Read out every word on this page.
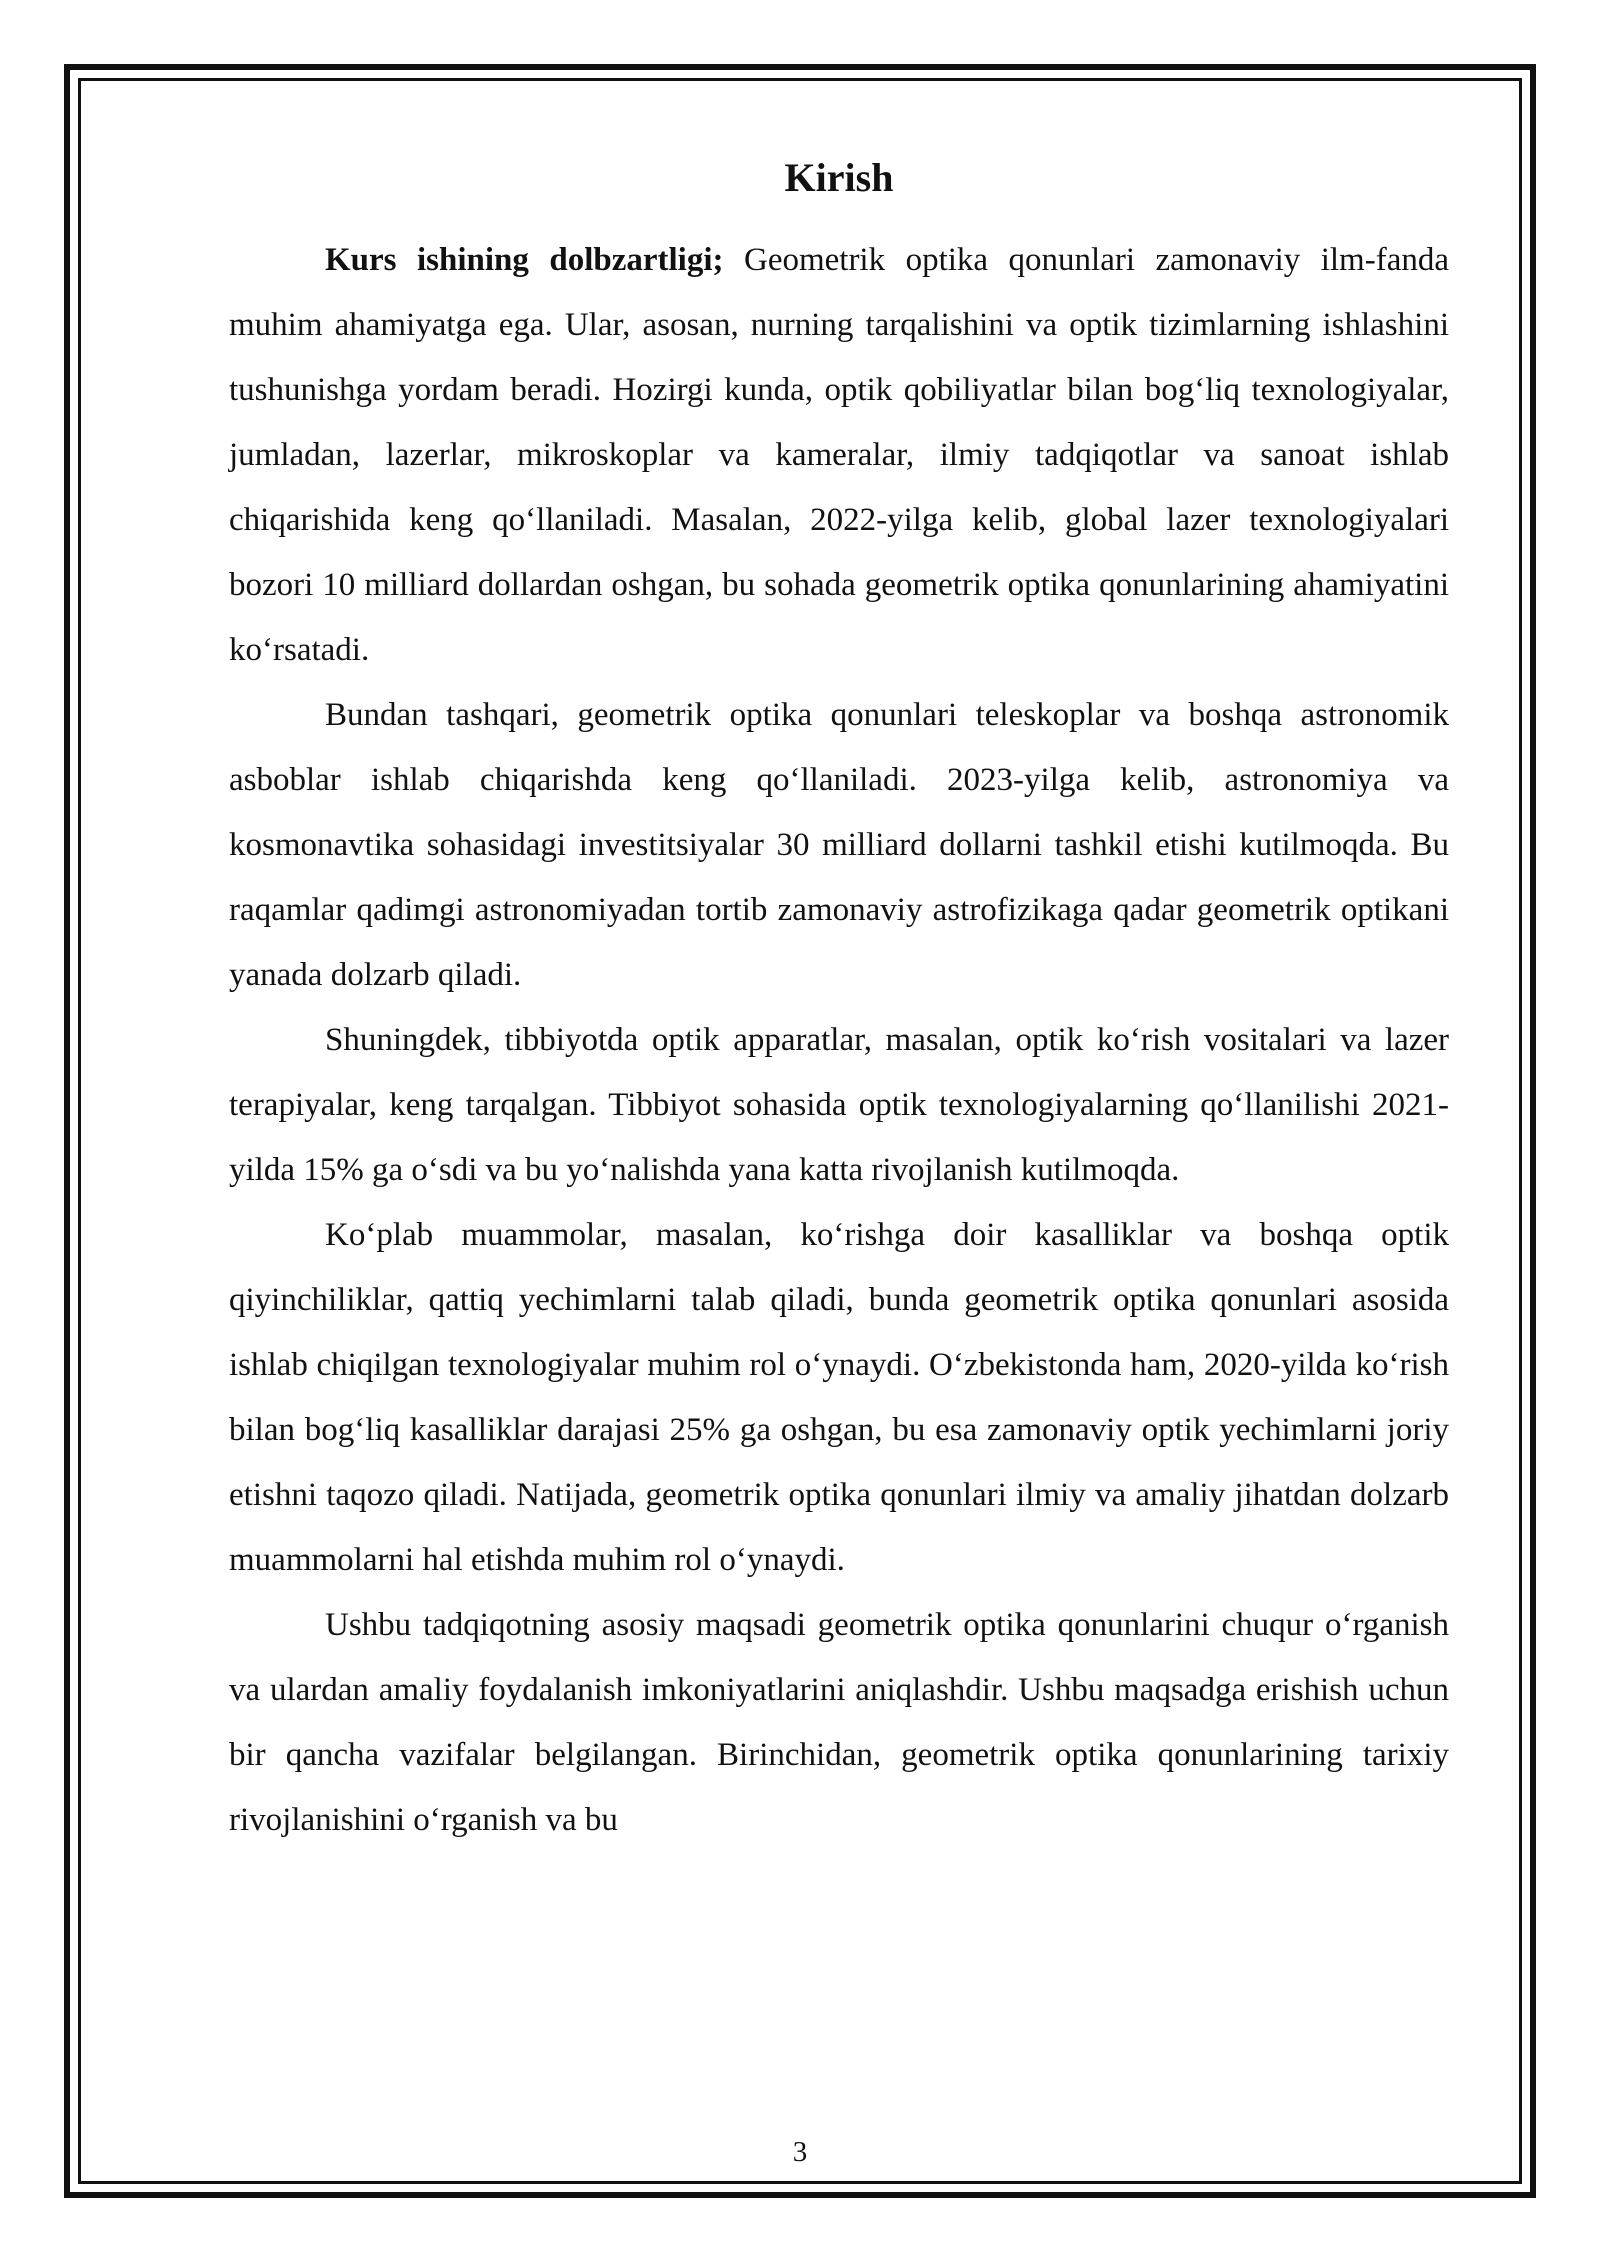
Kirish

Kurs ishining dolbzartligi; Geometrik optika qonunlari zamonaviy ilm-fanda muhim ahamiyatga ega. Ular, asosan, nurning tarqalishini va optik tizimlarning ishlashini tushunishga yordam beradi. Hozirgi kunda, optik qobiliyatlar bilan bog‘liq texnologiyalar, jumladan, lazerlar, mikroskoplar va kameralar, ilmiy tadqiqotlar va sanoat ishlab chiqarishida keng qo‘llaniladi. Masalan, 2022-yilga kelib, global lazer texnologiyalari bozori 10 milliard dollardan oshgan, bu sohada geometrik optika qonunlarining ahamiyatini ko‘rsatadi.

Bundan tashqari, geometrik optika qonunlari teleskoplar va boshqa astronomik asboblar ishlab chiqarishda keng qo‘llaniladi. 2023-yilga kelib, astronomiya va kosmonavtika sohasidagi investitsiyalar 30 milliard dollarni tashkil etishi kutilmoqda. Bu raqamlar qadimgi astronomiyadan tortib zamonaviy astrofizikaga qadar geometrik optikani yanada dolzarb qiladi.

Shuningdek, tibbiyotda optik apparatlar, masalan, optik ko‘rish vositalari va lazer terapiyalar, keng tarqalgan. Tibbiyot sohasida optik texnologiyalarning qo‘llanilishi 2021-yilda 15% ga o‘sdi va bu yo‘nalishda yana katta rivojlanish kutilmoqda.

Ko‘plab muammolar, masalan, ko‘rishga doir kasalliklar va boshqa optik qiyinchiliklar, qattiq yechimlarni talab qiladi, bunda geometrik optika qonunlari asosida ishlab chiqilgan texnologiyalar muhim rol o‘ynaydi. O‘zbekistonda ham, 2020-yilda ko‘rish bilan bog‘liq kasalliklar darajasi 25% ga oshgan, bu esa zamonaviy optik yechimlarni joriy etishni taqozo qiladi. Natijada, geometrik optika qonunlari ilmiy va amaliy jihatdan dolzarb muammolarni hal etishda muhim rol o‘ynaydi.

Ushbu tadqiqotning asosiy maqsadi geometrik optika qonunlarini chuqur o‘rganish va ulardan amaliy foydalanish imkoniyatlarini aniqlashdir. Ushbu maqsadga erishish uchun bir qancha vazifalar belgilangan. Birinchidan, geometrik optika qonunlarining tarixiy rivojlanishini o‘rganish va bu

3
